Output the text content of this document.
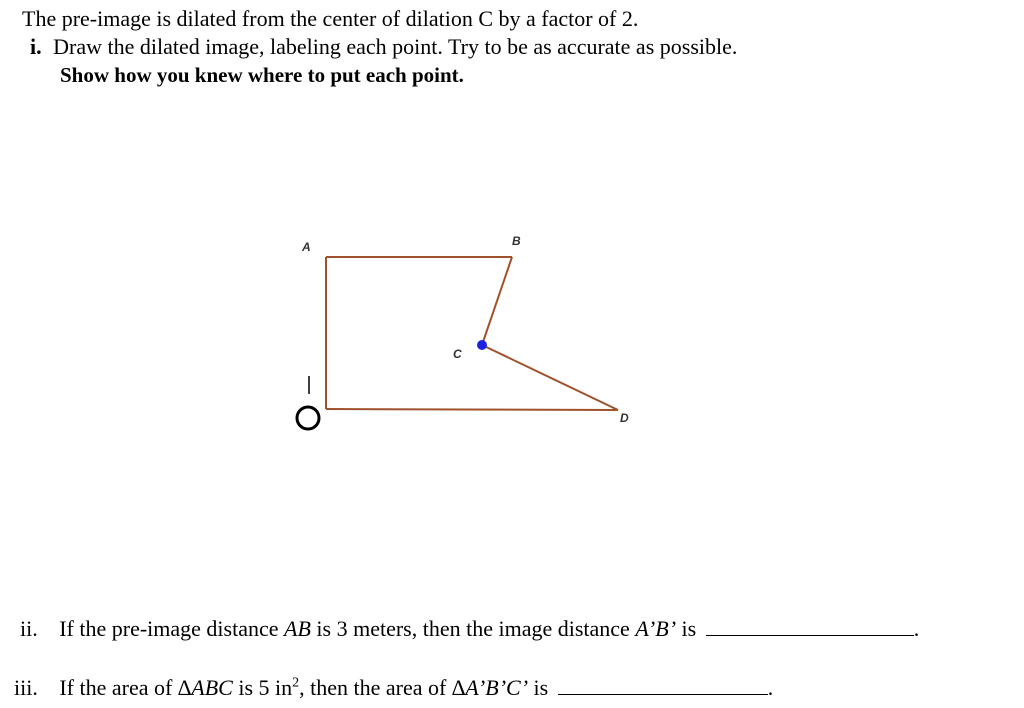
The pre-image is dilated from the center of dilation C by a factor of 2.
i. Draw the dilated image, labeling each point. Try to be as accurate as possible.
Show how you knew where to put each point.
A	B
C
D
ii. If the pre-image distance AB is 3 meters, then the image distance A’B’ is	.
iii. If the area of ∆ABC is 5 $in^2$, then the area of ∆A’B’C’ is	.
